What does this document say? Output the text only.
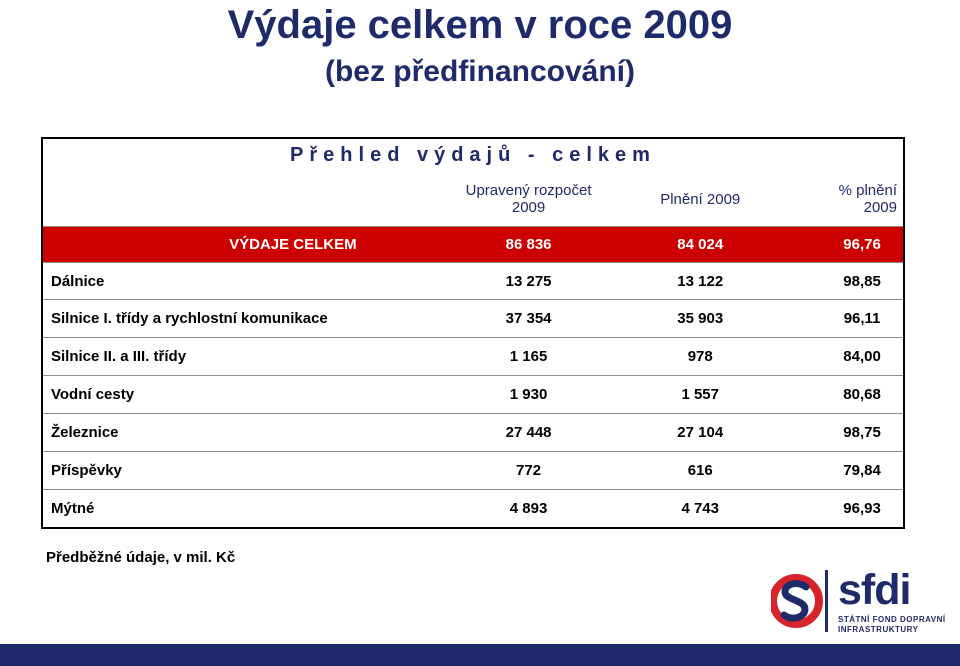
Výdaje celkem v roce 2009
(bez předfinancování)
Přehled výdajů - celkem			
	Upravený rozpočet 2009	Plnění 2009	% plnění 2009
VÝDAJE CELKEM	86 836	84 024	96,76
Dálnice	13 275	13 122	98,85
Silnice I. třídy a rychlostní komunikace	37 354	35 903	96,11
Silnice II. a III. třídy	1 165	978	84,00
Vodní cesty	1 930	1 557	80,68
Železnice	27 448	27 104	98,75
Příspěvky	772	616	79,84
Mýtné	4 893	4 743	96,93
Předběžné údaje, v mil. Kč
sfdi
STÁTNÍ FOND DOPRAVNÍ
INFRASTRUKTURY
